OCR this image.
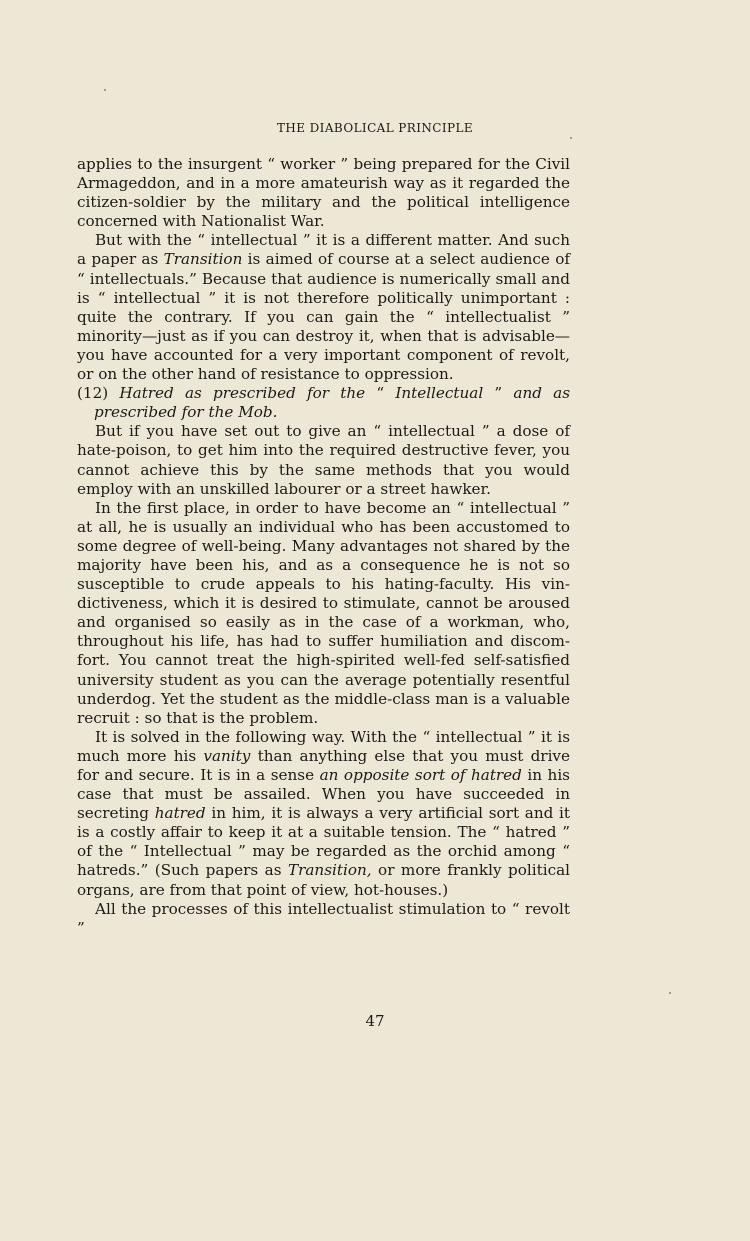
THE DIABOLICAL PRINCIPLE

applies to the insurgent “ worker ” being prepared for the Civil Armageddon, and in a more amateurish way as it regarded the citizen-soldier by the military and the political intelligence concerned with Nationalist War.

But with the “ intellectual ” it is a different matter. And such a paper as Transition is aimed of course at a select audience of “ intellectuals.” Because that audience is numerically small and is “ intellectual ” it is not therefore politically unimportant : quite the contrary. If you can gain the “ intellectualist ” minority—just as if you can destroy it, when that is advisable—you have accounted for a very important component of revolt, or on the other hand of resistance to oppression.

(12) Hatred as prescribed for the “ Intellectual ” and as prescribed for the Mob.

But if you have set out to give an “ intellectual ” a dose of hate-poison, to get him into the required destructive fever, you cannot achieve this by the same methods that you would employ with an unskilled labourer or a street hawker.

In the first place, in order to have become an “ intellectual ” at all, he is usually an individual who has been accustomed to some degree of well-being. Many advantages not shared by the majority have been his, and as a consequence he is not so susceptible to crude appeals to his hating-faculty. His vindictiveness, which it is desired to stimulate, cannot be aroused and organised so easily as in the case of a workman, who, throughout his life, has had to suffer humiliation and discomfort. You cannot treat the high-spirited well-fed self-satisfied university student as you can the average potentially resentful underdog. Yet the student as the middle-class man is a valuable recruit : so that is the problem.

It is solved in the following way. With the “ intellectual ” it is much more his vanity than anything else that you must drive for and secure. It is in a sense an opposite sort of hatred in his case that must be assailed. When you have succeeded in secreting hatred in him, it is always a very artificial sort and it is a costly affair to keep it at a suitable tension. The “ hatred ” of the “ Intellectual ” may be regarded as the orchid among “ hatreds.” (Such papers as Transition, or more frankly political organs, are from that point of view, hot-houses.)

All the processes of this intellectualist stimulation to “ revolt ”

47
